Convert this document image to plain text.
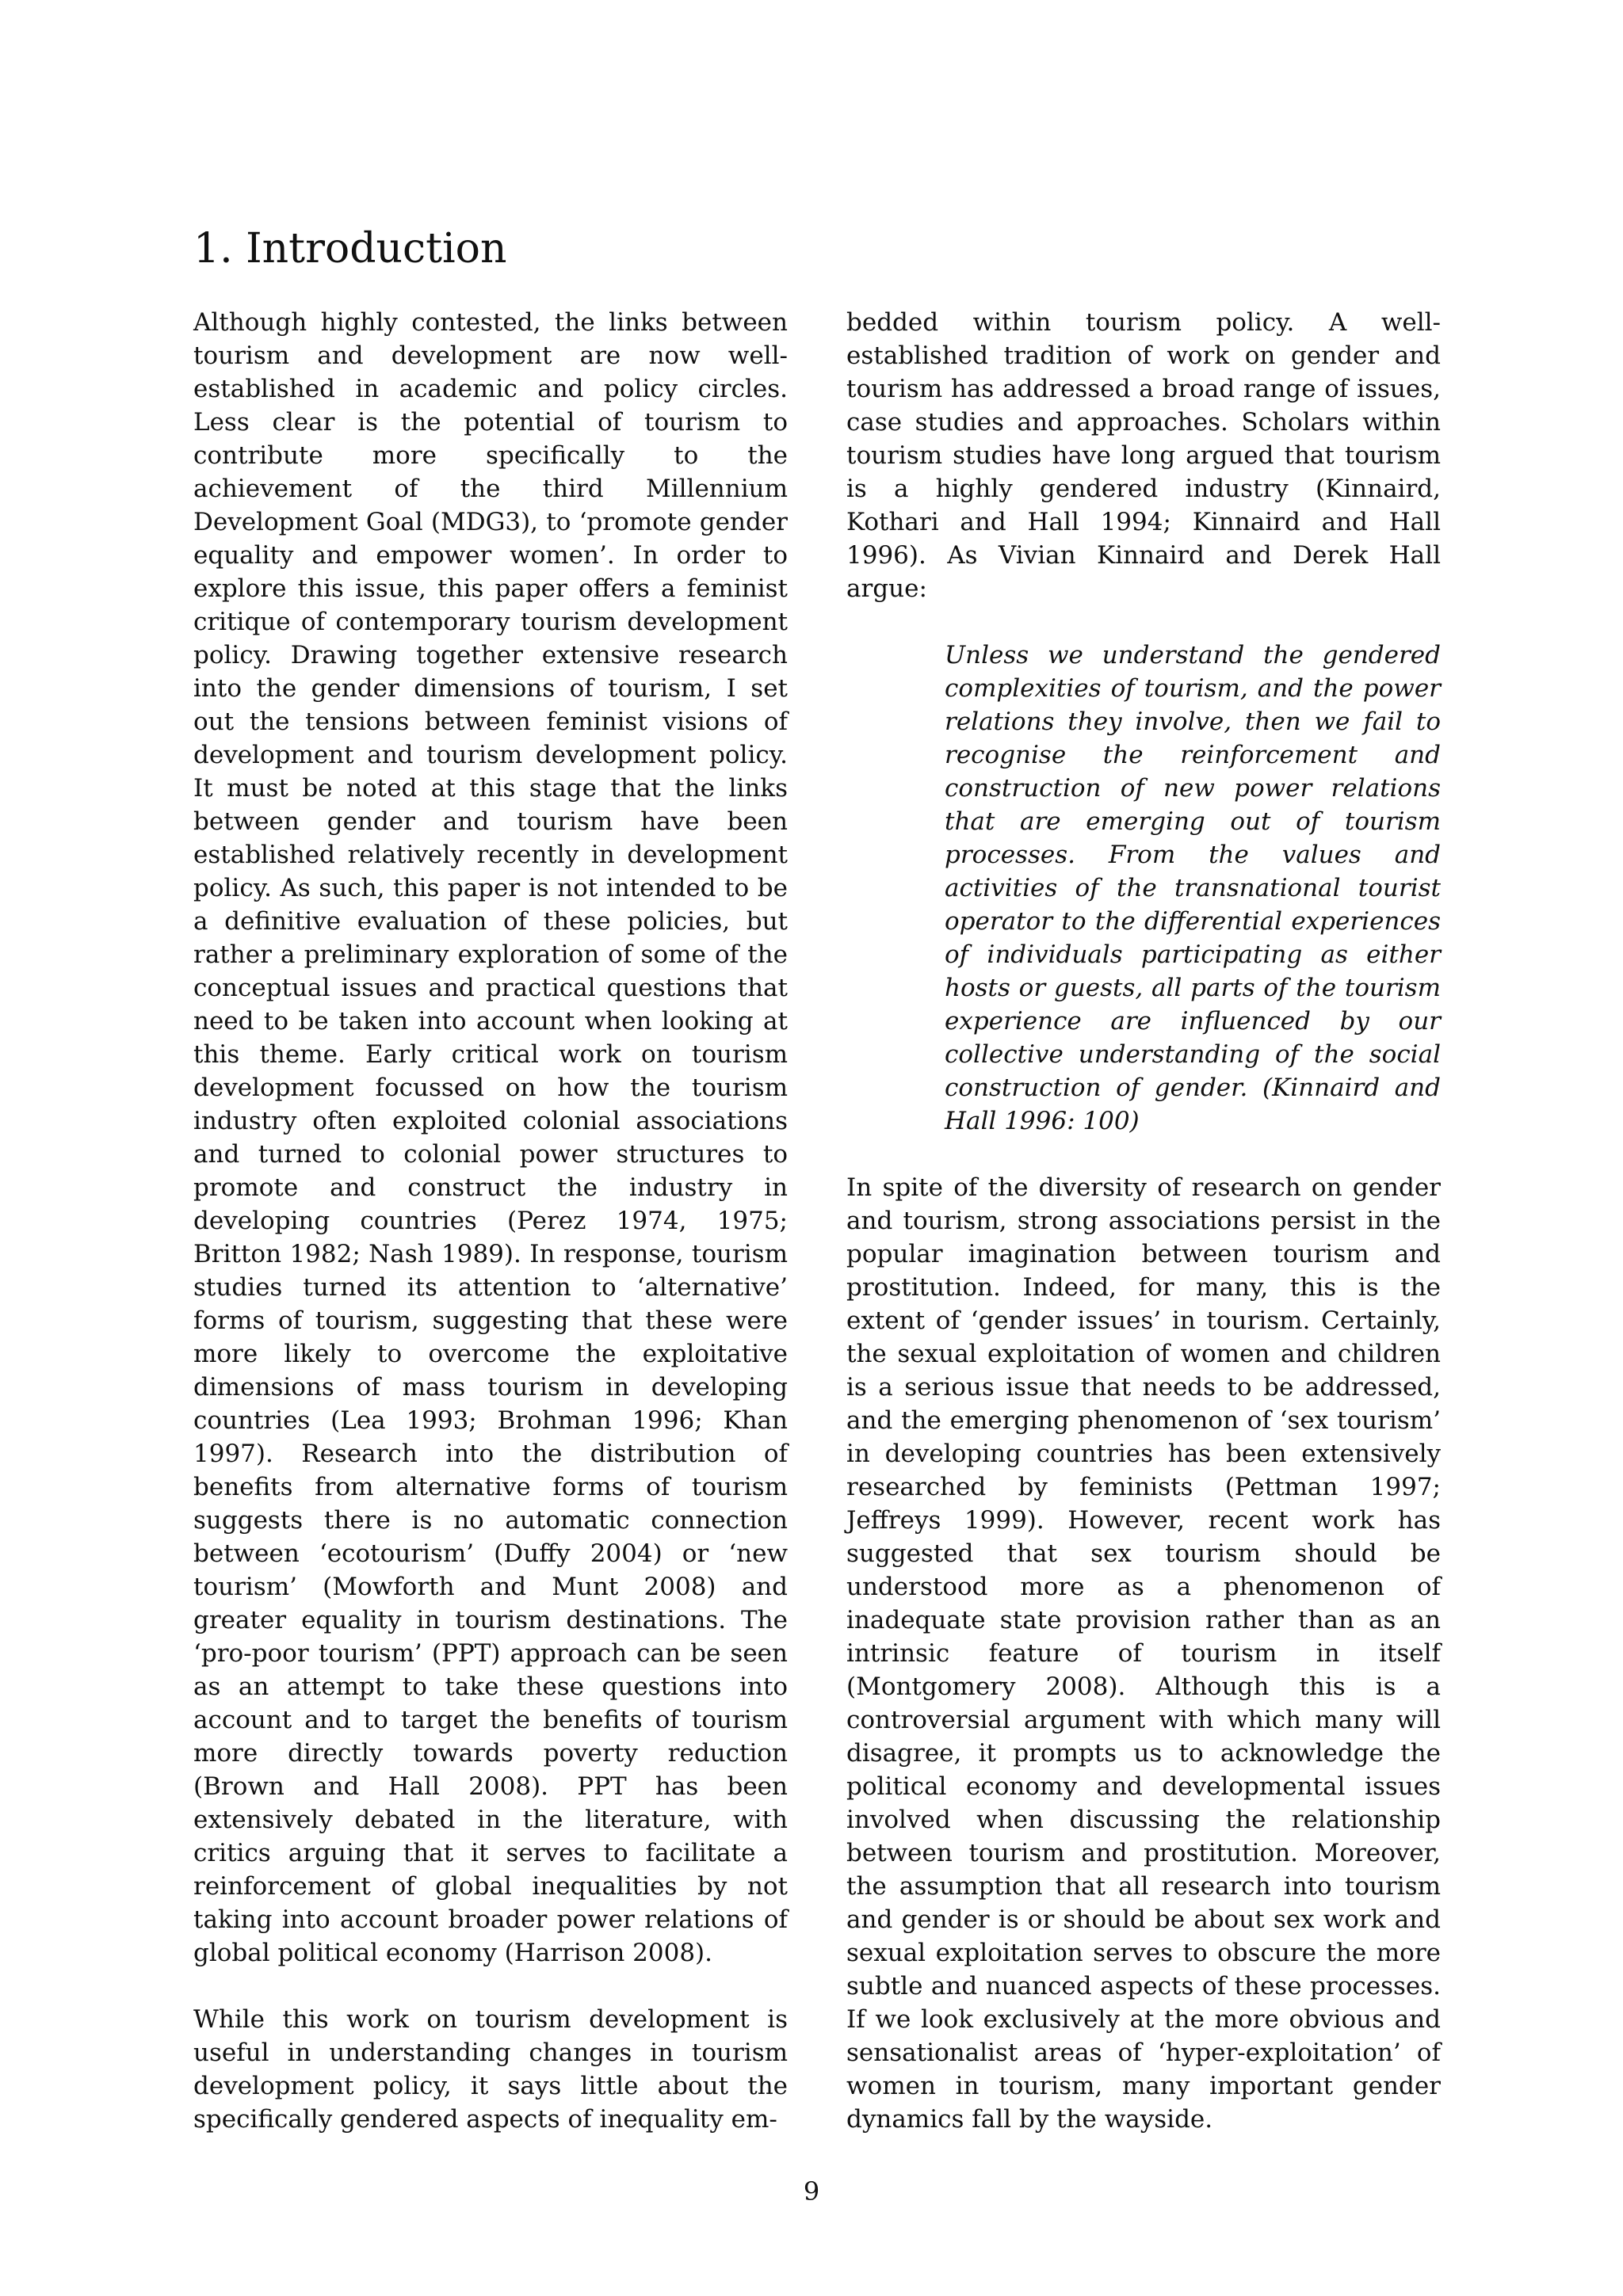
1. Introduction

Although highly contested, the links between tourism and development are now well-established in academic and policy circles. Less clear is the potential of tourism to contribute more specifically to the achievement of the third Millennium Development Goal (MDG3), to ‘promote gender equality and empower women’. In order to explore this issue, this paper offers a feminist critique of contemporary tourism development policy. Drawing together extensive research into the gender dimensions of tourism, I set out the tensions between feminist visions of development and tourism development policy. It must be noted at this stage that the links between gender and tourism have been established relatively recently in development policy. As such, this paper is not intended to be a definitive evaluation of these policies, but rather a preliminary exploration of some of the conceptual issues and practical questions that need to be taken into account when looking at this theme. Early critical work on tourism development focussed on how the tourism industry often exploited colonial associations and turned to colonial power structures to promote and construct the industry in developing countries (Perez 1974, 1975; Britton 1982; Nash 1989). In response, tourism studies turned its attention to ‘alternative’ forms of tourism, suggesting that these were more likely to overcome the exploitative dimensions of mass tourism in developing countries (Lea 1993; Brohman 1996; Khan 1997). Research into the distribution of benefits from alternative forms of tourism suggests there is no automatic connection between ‘ecotourism’ (Duffy 2004) or ‘new tourism’ (Mowforth and Munt 2008) and greater equality in tourism destinations. The ‘pro-poor tourism’ (PPT) approach can be seen as an attempt to take these questions into account and to target the benefits of tourism more directly towards poverty reduction (Brown and Hall 2008). PPT has been extensively debated in the literature, with critics arguing that it serves to facilitate a reinforcement of global inequalities by not taking into account broader power relations of global political economy (Harrison 2008).

While this work on tourism development is useful in understanding changes in tourism development policy, it says little about the specifically gendered aspects of inequality em-

bedded within tourism policy. A well-established tradition of work on gender and tourism has addressed a broad range of issues, case studies and approaches. Scholars within tourism studies have long argued that tourism is a highly gendered industry (Kinnaird, Kothari and Hall 1994; Kinnaird and Hall 1996). As Vivian Kinnaird and Derek Hall argue:

Unless we understand the gendered complexities of tourism, and the power relations they involve, then we fail to recognise the reinforcement and construction of new power relations that are emerging out of tourism processes. From the values and activities of the transnational tourist operator to the differential experiences of individuals participating as either hosts or guests, all parts of the tourism experience are influenced by our collective understanding of the social construction of gender. (Kinnaird and Hall 1996: 100)

In spite of the diversity of research on gender and tourism, strong associations persist in the popular imagination between tourism and prostitution. Indeed, for many, this is the extent of ‘gender issues’ in tourism. Certainly, the sexual exploitation of women and children is a serious issue that needs to be addressed, and the emerging phenomenon of ‘sex tourism’ in developing countries has been extensively researched by feminists (Pettman 1997; Jeffreys 1999). However, recent work has suggested that sex tourism should be understood more as a phenomenon of inadequate state provision rather than as an intrinsic feature of tourism in itself (Montgomery 2008). Although this is a controversial argument with which many will disagree, it prompts us to acknowledge the political economy and developmental issues involved when discussing the relationship between tourism and prostitution. Moreover, the assumption that all research into tourism and gender is or should be about sex work and sexual exploitation serves to obscure the more subtle and nuanced aspects of these processes. If we look exclusively at the more obvious and sensationalist areas of ‘hyper-exploitation’ of women in tourism, many important gender dynamics fall by the wayside.

9
